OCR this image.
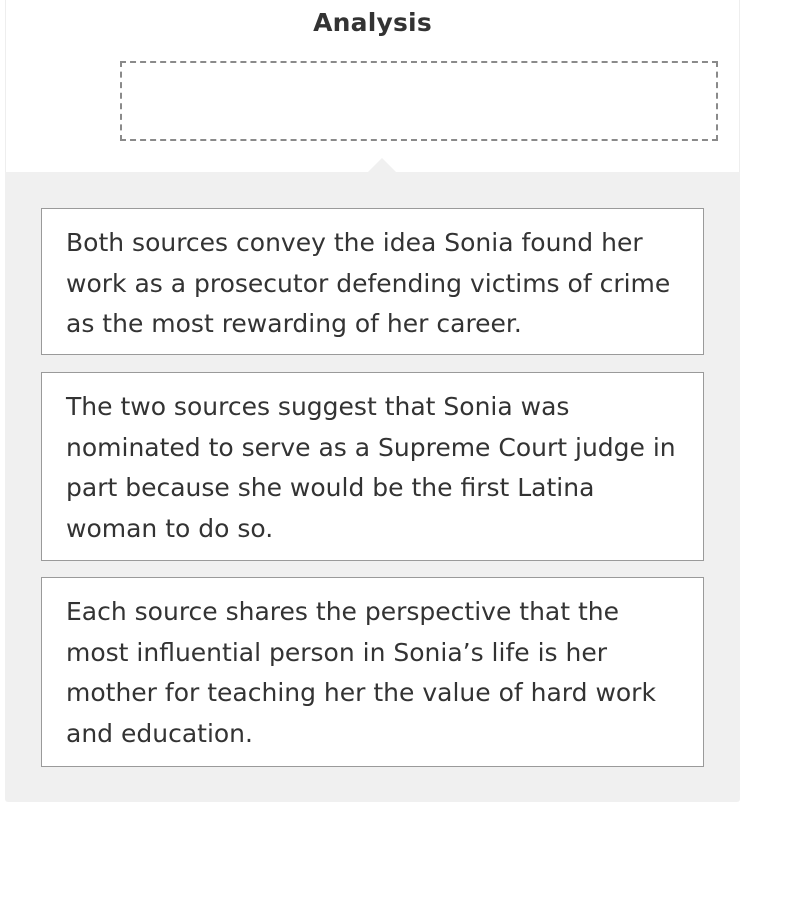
Analysis
Both sources convey the idea Sonia found her work as a prosecutor defending victims of crime as the most rewarding of her career.
The two sources suggest that Sonia was nominated to serve as a Supreme Court judge in part because she would be the first Latina woman to do so.
Each source shares the perspective that the most influential person in Sonia’s life is her mother for teaching her the value of hard work and education.
